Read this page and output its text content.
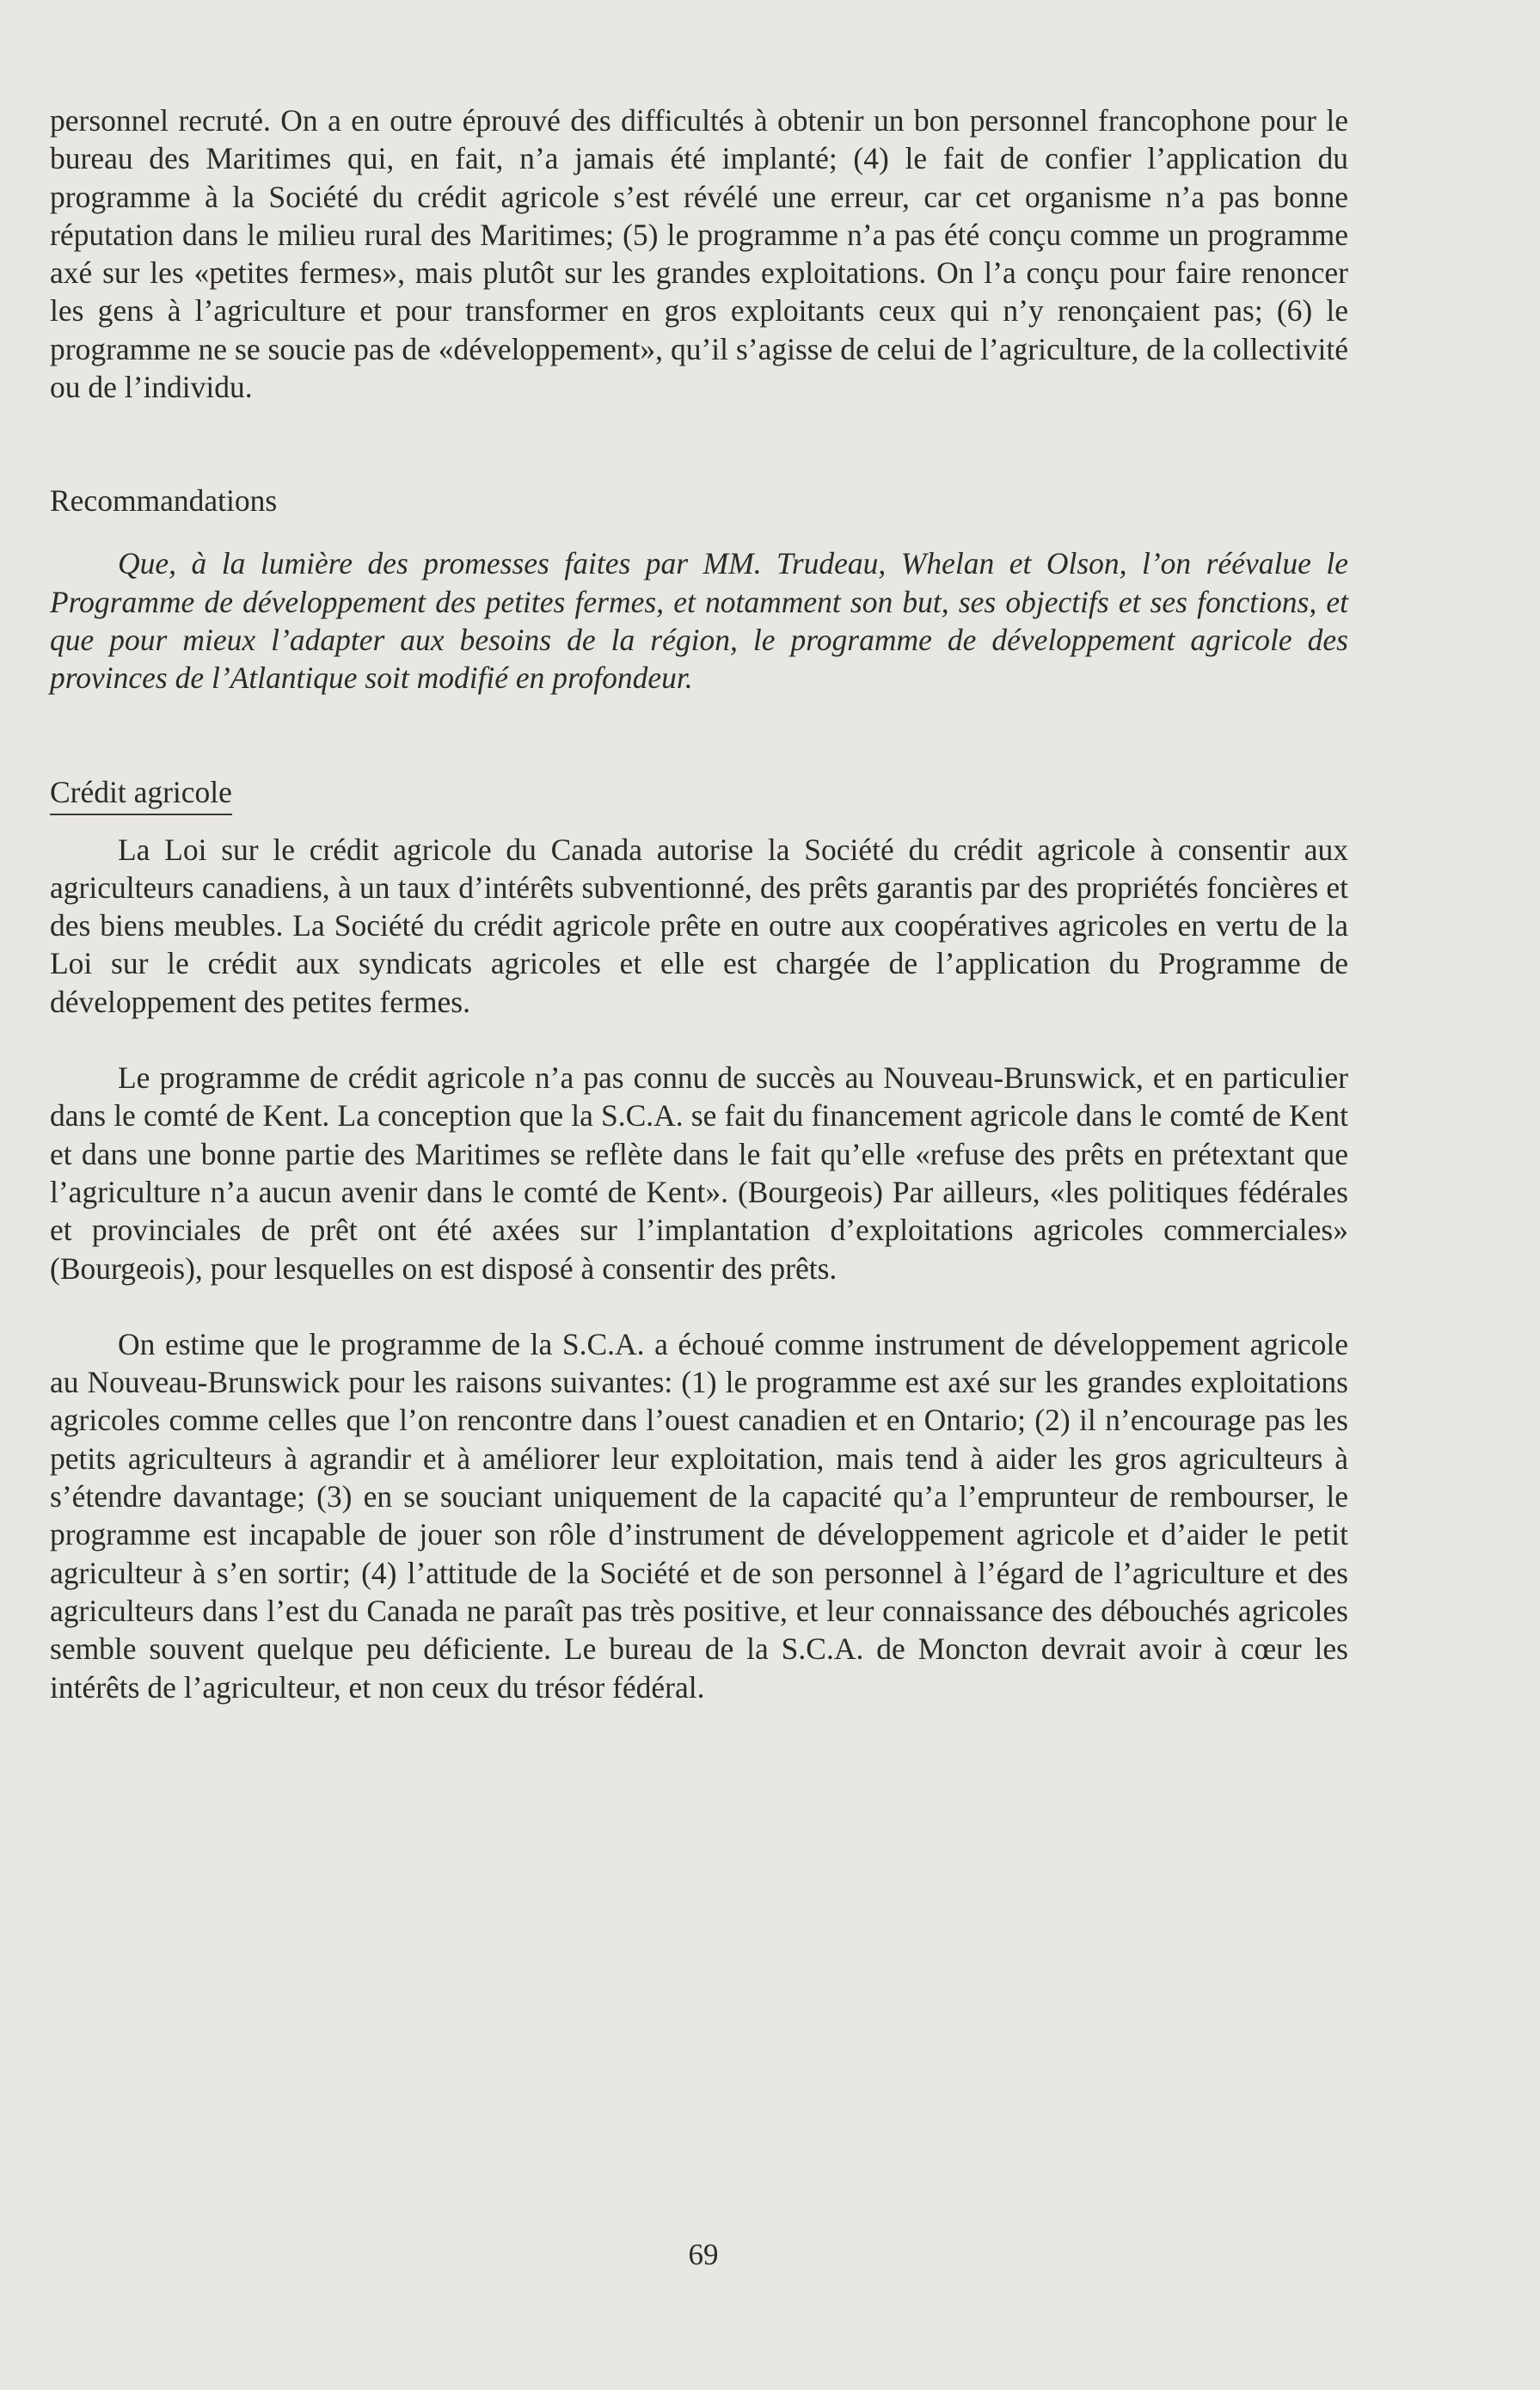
personnel recruté. On a en outre éprouvé des difficultés à obtenir un bon personnel francophone pour le bureau des Maritimes qui, en fait, n’a jamais été implanté; (4) le fait de confier l’application du programme à la Société du crédit agricole s’est révélé une erreur, car cet organisme n’a pas bonne réputation dans le milieu rural des Maritimes; (5) le programme n’a pas été conçu comme un programme axé sur les «petites fermes», mais plutôt sur les grandes exploitations. On l’a conçu pour faire renoncer les gens à l’agriculture et pour transformer en gros exploitants ceux qui n’y renonçaient pas; (6) le programme ne se soucie pas de «développement», qu’il s’agisse de celui de l’agriculture, de la collectivité ou de l’individu.

Recommandations

Que, à la lumière des promesses faites par MM. Trudeau, Whelan et Olson, l’on réévalue le Programme de développement des petites fermes, et notamment son but, ses objectifs et ses fonctions, et que pour mieux l’adapter aux besoins de la région, le programme de développement agricole des provinces de l’Atlantique soit modifié en profondeur.

Crédit agricole

La Loi sur le crédit agricole du Canada autorise la Société du crédit agricole à consentir aux agriculteurs canadiens, à un taux d’intérêts subventionné, des prêts garantis par des propriétés foncières et des biens meubles. La Société du crédit agricole prête en outre aux coopératives agricoles en vertu de la Loi sur le crédit aux syndicats agricoles et elle est chargée de l’application du Programme de développement des petites fermes.

Le programme de crédit agricole n’a pas connu de succès au Nouveau-Brunswick, et en particulier dans le comté de Kent. La conception que la S.C.A. se fait du financement agricole dans le comté de Kent et dans une bonne partie des Maritimes se reflète dans le fait qu’elle «refuse des prêts en prétextant que l’agriculture n’a aucun avenir dans le comté de Kent». (Bourgeois) Par ailleurs, «les politiques fédérales et provinciales de prêt ont été axées sur l’implantation d’exploitations agricoles commerciales» (Bourgeois), pour lesquelles on est disposé à consentir des prêts.

On estime que le programme de la S.C.A. a échoué comme instrument de développement agricole au Nouveau-Brunswick pour les raisons suivantes: (1) le programme est axé sur les grandes exploitations agricoles comme celles que l’on rencontre dans l’ouest canadien et en Ontario; (2) il n’encourage pas les petits agriculteurs à agrandir et à améliorer leur exploitation, mais tend à aider les gros agriculteurs à s’étendre davantage; (3) en se souciant uniquement de la capacité qu’a l’emprunteur de rembourser, le programme est incapable de jouer son rôle d’instrument de développement agricole et d’aider le petit agriculteur à s’en sortir; (4) l’attitude de la Société et de son personnel à l’égard de l’agriculture et des agriculteurs dans l’est du Canada ne paraît pas très positive, et leur connaissance des débouchés agricoles semble souvent quelque peu déficiente. Le bureau de la S.C.A. de Moncton devrait avoir à cœur les intérêts de l’agriculteur, et non ceux du trésor fédéral.

69
